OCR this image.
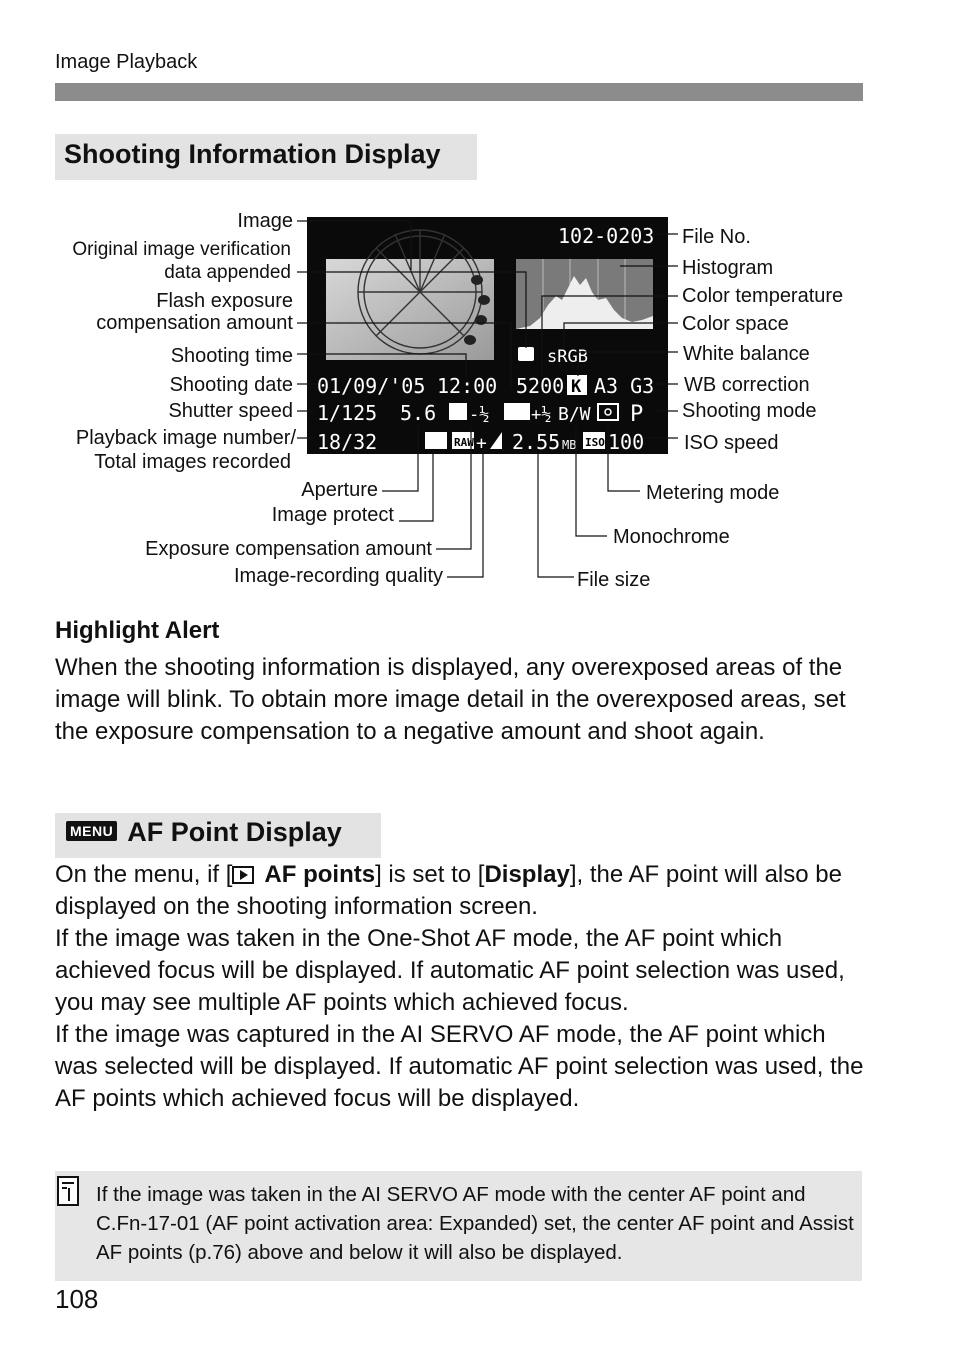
Image Playback
Shooting Information Display
102-0203
sRGB
01/09/'05 12:00 5200 K A3 G3
1/125 5.6 -½ +½ B/W P
18/32	RAW + 2.55 MB ISO 100
Image
Original image verification
data appended
Flash exposure
compensation amount
Shooting time
Shooting date
Shutter speed
Playback image number/
Total images recorded
File No.
Histogram
Color temperature
Color space
White balance
WB correction
Shooting mode
ISO speed
Aperture
Image protect
Exposure compensation amount
Image-recording quality
Metering mode
Monochrome
File size
Highlight Alert
When the shooting information is displayed, any overexposed areas of the image will blink. To obtain more image detail in the overexposed areas, set the exposure compensation to a negative amount and shoot again.
MENU AF Point Display
On the menu, if [ AF points] is set to [Display], the AF point will also be displayed on the shooting information screen.
If the image was taken in the One-Shot AF mode, the AF point which achieved focus will be displayed. If automatic AF point selection was used, you may see multiple AF points which achieved focus.
If the image was captured in the AI SERVO AF mode, the AF point which was selected will be displayed. If automatic AF point selection was used, the AF points which achieved focus will be displayed.
If the image was taken in the AI SERVO AF mode with the center AF point and C.Fn-17-01 (AF point activation area: Expanded) set, the center AF point and Assist AF points (p.76) above and below it will also be displayed.
108
